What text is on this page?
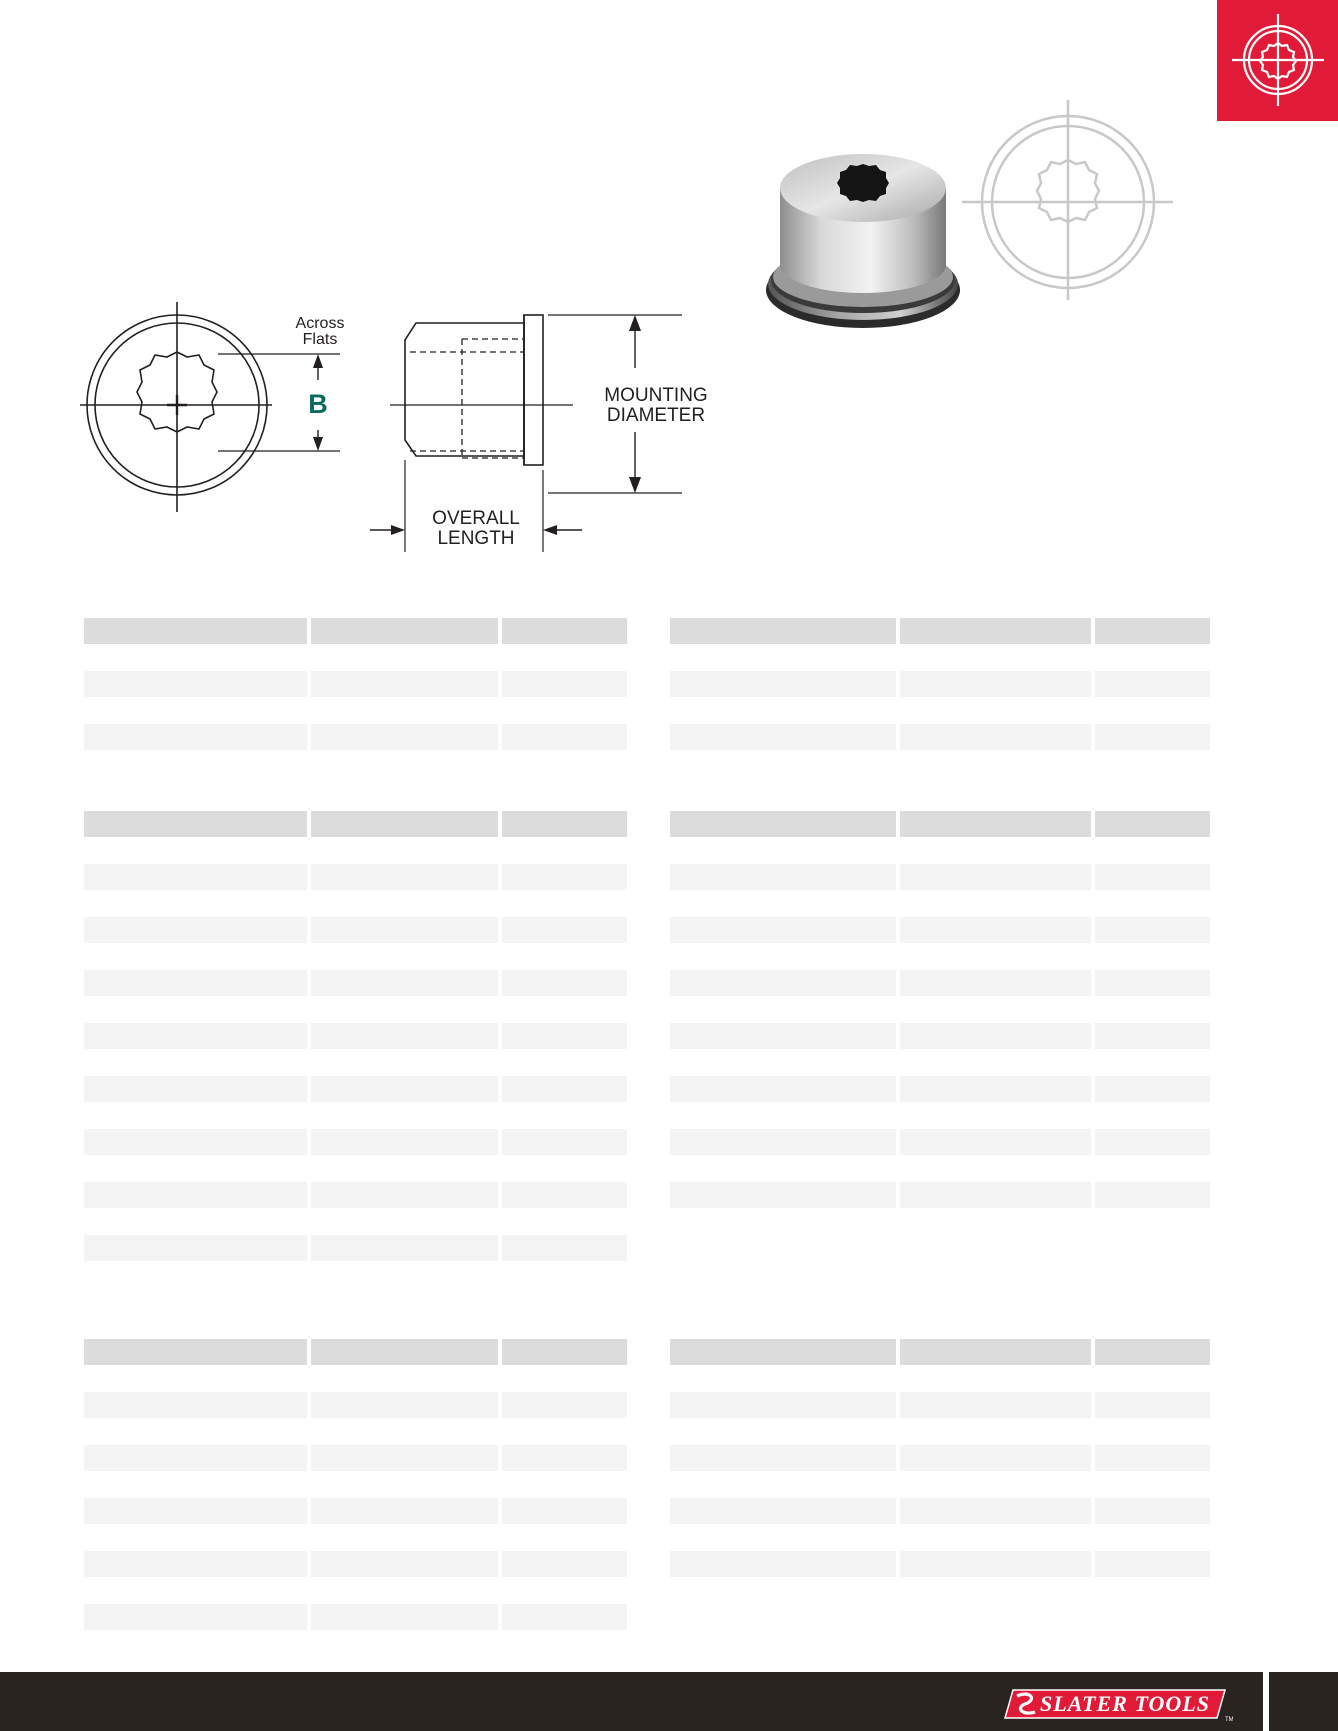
Across
Flats
B	MOUNTING
DIAMETER
OVERALL
LENGTH
SLATER TOOLS
TM
